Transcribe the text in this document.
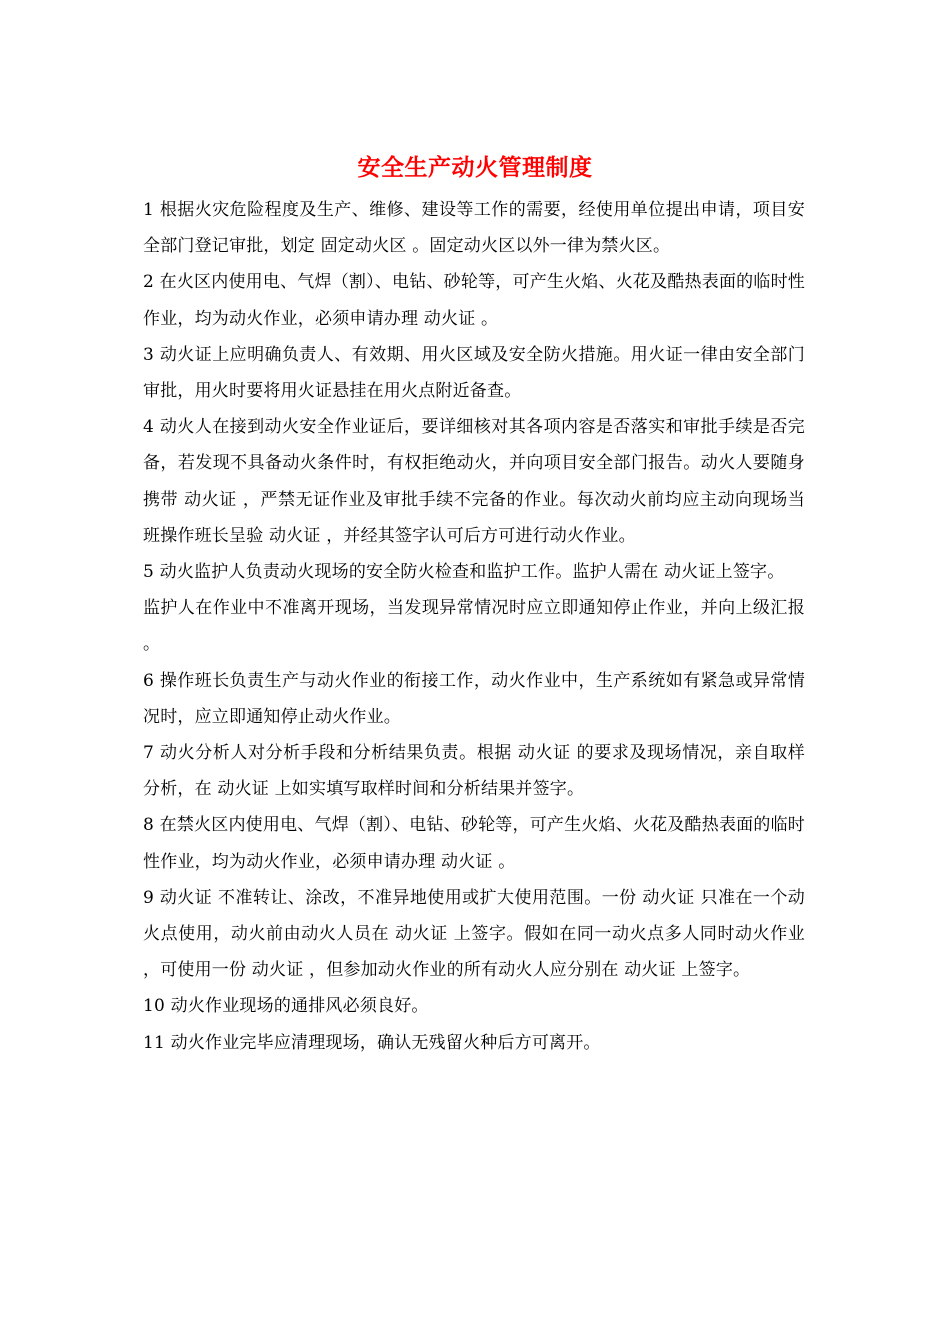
安全生产动火管理制度

1 根据火灾危险程度及生产、维修、建设等工作的需要，经使用单位提出申请，项目安全部门登记审批，划定 固定动火区 。固定动火区以外一律为禁火区。

2 在火区内使用电、气焊（割）、电钻、砂轮等，可产生火焰、火花及酷热表面的临时性作业，均为动火作业，必须申请办理 动火证 。

3 动火证上应明确负责人、有效期、用火区域及安全防火措施。用火证一律由安全部门审批，用火时要将用火证悬挂在用火点附近备查。

4 动火人在接到动火安全作业证后，要详细核对其各项内容是否落实和审批手续是否完备，若发现不具备动火条件时，有权拒绝动火，并向项目安全部门报告。动火人要随身携带 动火证 ，严禁无证作业及审批手续不完备的作业。每次动火前均应主动向现场当班操作班长呈验 动火证 ，并经其签字认可后方可进行动火作业。

5 动火监护人负责动火现场的安全防火检查和监护工作。监护人需在 动火证上签字。

监护人在作业中不准离开现场，当发现异常情况时应立即通知停止作业，并向上级汇报。

6 操作班长负责生产与动火作业的衔接工作，动火作业中，生产系统如有紧急或异常情况时，应立即通知停止动火作业。

7 动火分析人对分析手段和分析结果负责。根据 动火证 的要求及现场情况，亲自取样分析，在 动火证 上如实填写取样时间和分析结果并签字。

8 在禁火区内使用电、气焊（割）、电钻、砂轮等，可产生火焰、火花及酷热表面的临时性作业，均为动火作业，必须申请办理 动火证 。

9 动火证 不准转让、涂改，不准异地使用或扩大使用范围。一份 动火证 只准在一个动火点使用，动火前由动火人员在 动火证 上签字。假如在同一动火点多人同时动火作业，可使用一份 动火证 ，但参加动火作业的所有动火人应分别在 动火证 上签字。

10 动火作业现场的通排风必须良好。

11 动火作业完毕应清理现场，确认无残留火种后方可离开。
